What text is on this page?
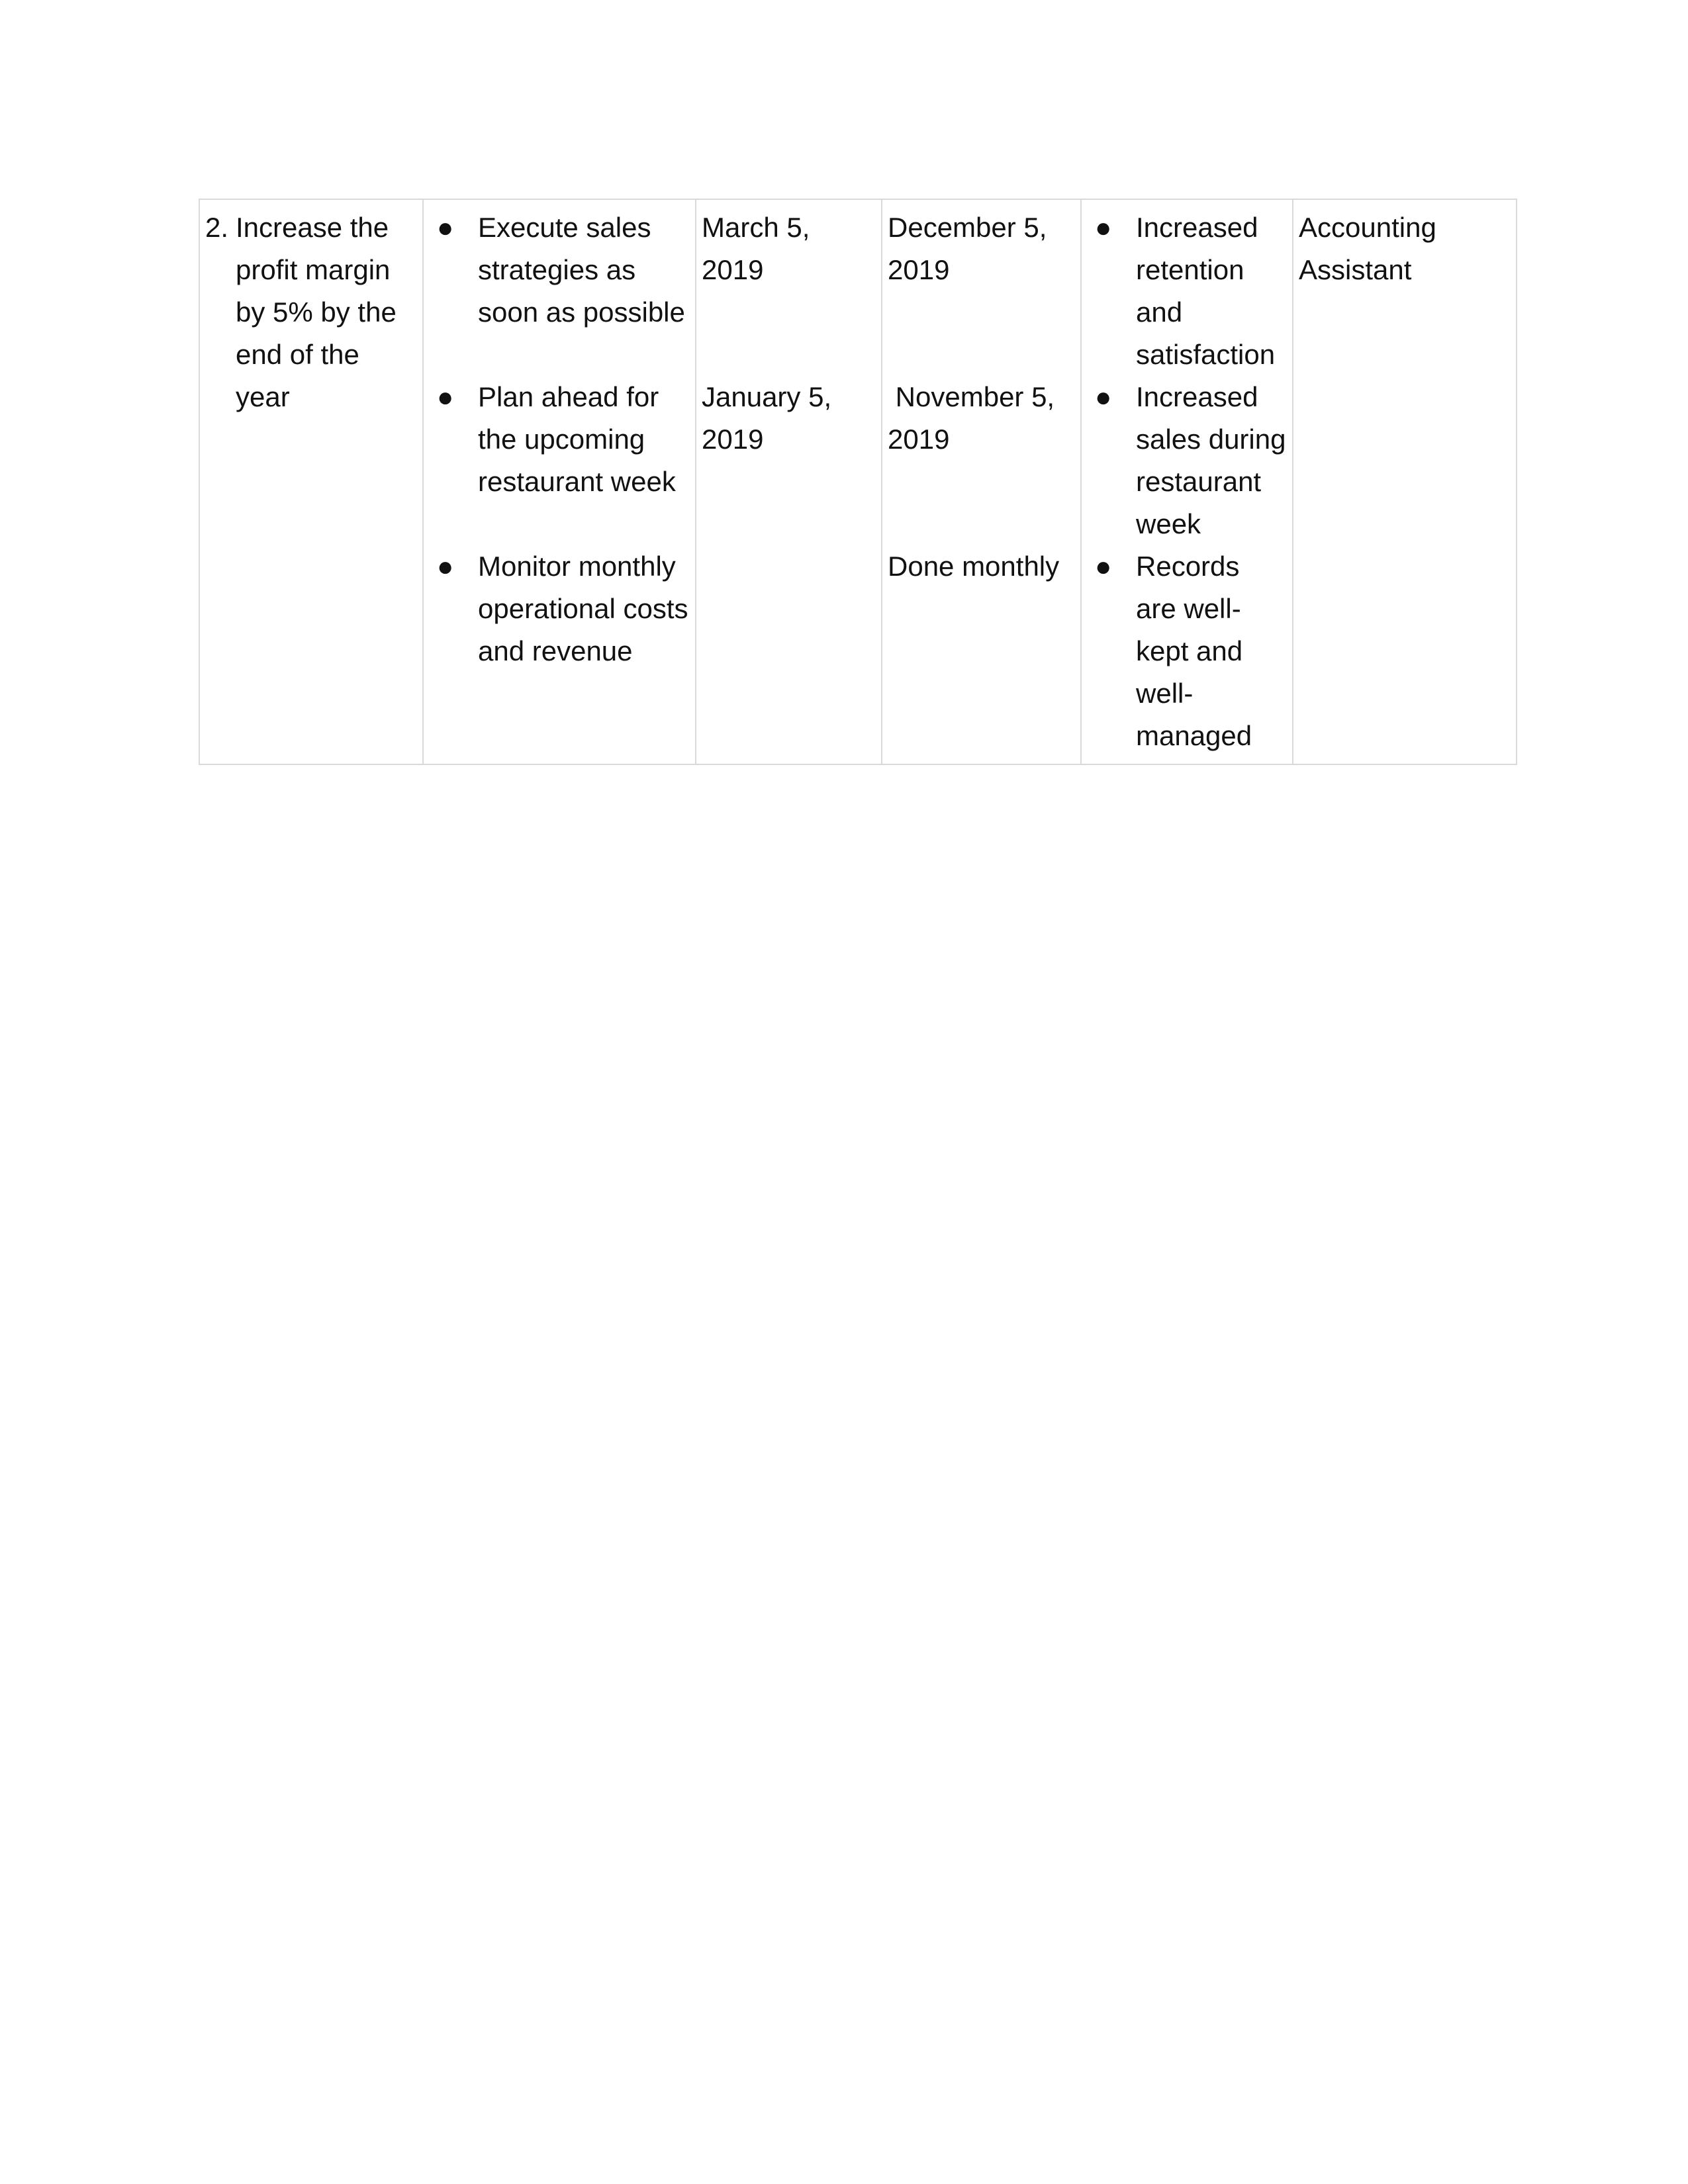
2. Increase the profit margin by 5% by the end of the year

● Execute sales strategies as soon as possible
● Plan ahead for the upcoming restaurant week
● Monitor monthly operational costs and revenue

March 5, 2019
January 5, 2019

December 5, 2019
November 5, 2019
Done monthly

● Increased retention and satisfaction
● Increased sales during restaurant week
● Records are well-kept and well-managed

Accounting Assistant
